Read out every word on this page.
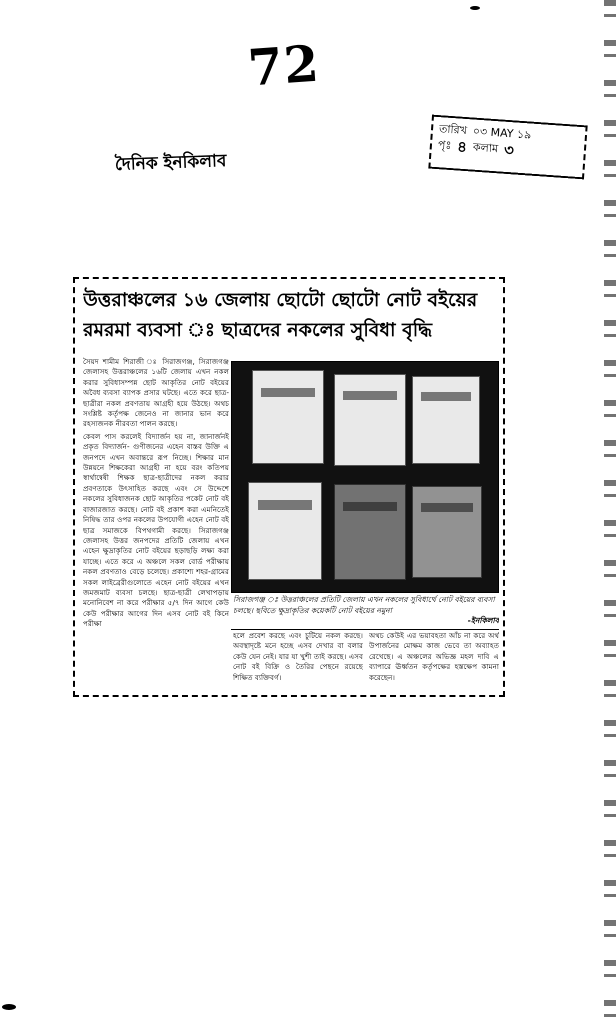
72
দৈনিক ইনকিলাব
তারিখ ০৩ MAY ১৯
পৃঃ ৪ কলাম ৩
উত্তরাঞ্চলের ১৬ জেলায় ছোটো ছোটো নোট বইয়ের
রমরমা ব্যবসা ঃ ছাত্রদের নকলের সুবিধা বৃদ্ধি

সৈয়দ শামীম শিরাজী ঃ সিরাজগঞ্জ, সিরাজগঞ্জ জেলাসহ উত্তরাঞ্চলের ১৬টি জেলায় এখন নকল করার সুবিধাসম্পন্ন ছোট আকৃতির নোট বইয়ের অবৈধ ব্যবসা ব্যাপক প্রসার ঘটছে। এতে করে ছাত্র-ছাত্রীরা নকল প্রবণতায় আগ্রহী হয়ে উঠছে। অথচ সংশ্লিষ্ট কর্তৃপক্ষ জেনেও না জানার ভান করে রহস্যজনক নীরবতা পালন করছে।

কেবল পাস করলেই বিদ্যার্জন হয় না, জানার্জনই প্রকৃত বিদ্যার্জন- গুণীজনের এহেন বাস্তব উক্তি এ জনপদে এখন অবান্তরে রূপ নিচ্ছে। শিক্ষার মান উন্নয়নে শিক্ষকেরা আগ্রহী না হয়ে বরং কতিপয় স্বার্থান্বেষী শিক্ষক ছাত্র-ছাত্রীদের নকল করার প্রবণতাকে উৎসাহিত করছে এবং সে উদ্দেশে নকলের সুবিধাজনক ছোট আকৃতির পকেট নোট বই বাজারজাত করছে। নোট বই প্রকাশ করা এমনিতেই নিষিদ্ধ তার ওপর নকলের উপযোগী এহেন নোট বই ছাত্র সমাজকে বিপথগামী করছে। সিরাজগঞ্জ জেলাসহ উত্তর জনপদের প্রতিটি জেলায় এখন এহেন ক্ষুদ্রাকৃতির নোট বইয়ের ছড়াছড়ি লক্ষ্য করা যাচ্ছে। এতে করে এ অঞ্চলে সকল বোর্ড পরীক্ষায় নকল প্রবণতাও বেড়ে চলেছে। প্রকাশ্যে শহর-গ্রামের সকল লাইব্রেরীগুলোতে এহেন নোট বইয়ের এখন জমজমাট ব্যবসা চলছে। ছাত্র-ছাত্রী লেখাপড়ায় মনোনিবেশ না করে পরীক্ষার ৫/৭ দিন আগে কেউ কেউ পরীক্ষার আগের দিন এসব নোট বই কিনে পরীক্ষা

সিরাজগঞ্জ ঃ উত্তরাঞ্চলের প্রতিটি জেলায় এখন নকলের সুবিধার্থে নোট বইয়ের ব্যবসা চলছে। ছবিতে ক্ষুদ্রাকৃতির কয়েকটি নোট বইয়ের নমুনা
-ইনকিলাব
হলে প্রবেশ করছে এবং চুটিয়ে নকল করছে। অবস্থাদৃষ্টে মনে হচ্ছে এসব দেখার বা বলার কেউ যেন নেই। যার যা খুশী তাই করছে। এসব নোট বই বিক্রি ও তৈরির পেছনে রয়েছে শিক্ষিত ব্যক্তিবর্গ।
অথচ কেউই এর ভয়াবহতা আঁচ না করে অর্থ উপার্জনের মোক্ষম কাজ ভেবে তা অব্যাহত রেখেছে। এ অঞ্চলের অভিজ্ঞ মহল দাবি এ ব্যাপারে ঊর্ধ্বতন কর্তৃপক্ষের হস্তক্ষেপ কামনা করেছেন।
